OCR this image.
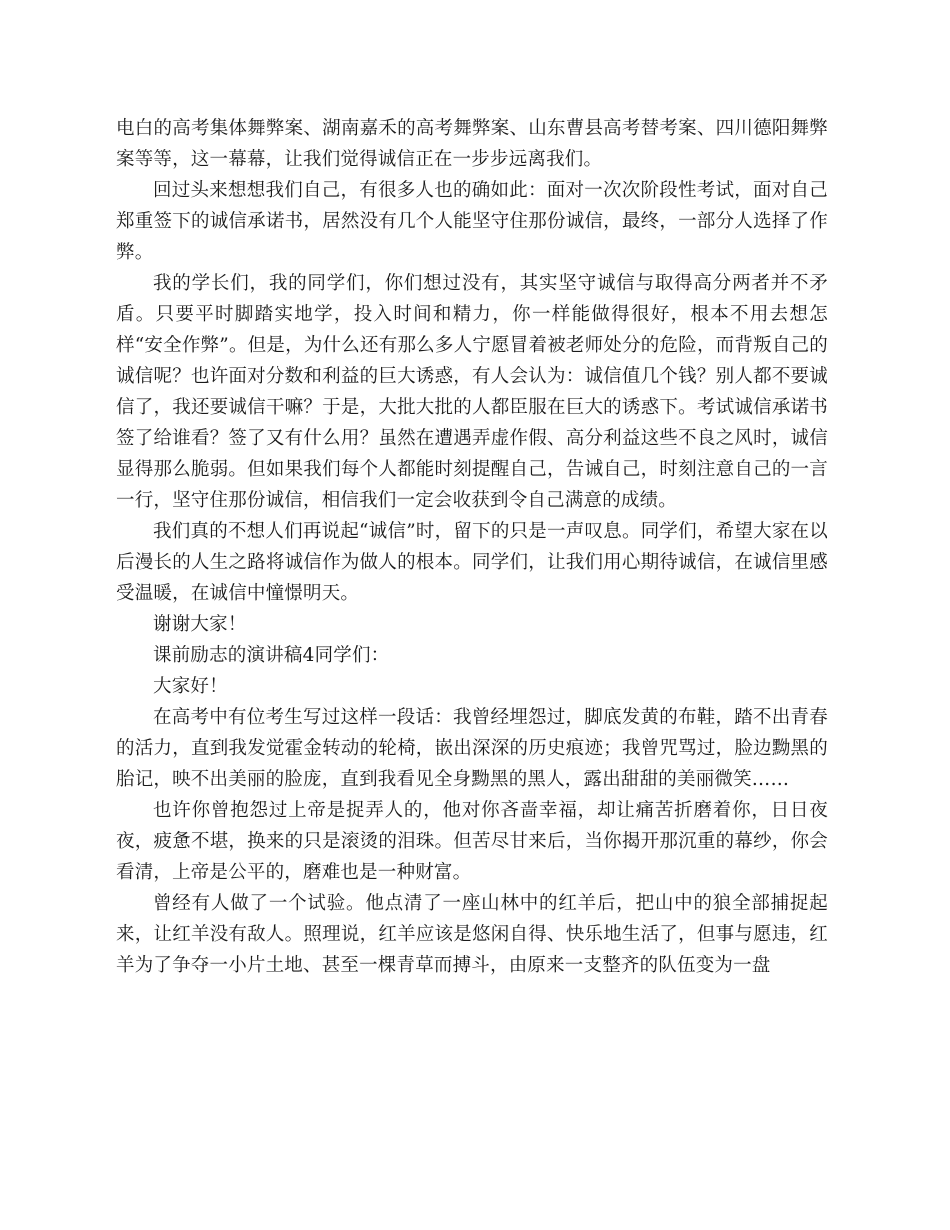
电白的高考集体舞弊案、湖南嘉禾的高考舞弊案、山东曹县高考替考案、四川德阳舞弊案等等，这一幕幕，让我们觉得诚信正在一步步远离我们。

回过头来想想我们自己，有很多人也的确如此：面对一次次阶段性考试，面对自己郑重签下的诚信承诺书，居然没有几个人能坚守住那份诚信，最终，一部分人选择了作弊。

我的学长们，我的同学们，你们想过没有，其实坚守诚信与取得高分两者并不矛盾。只要平时脚踏实地学，投入时间和精力，你一样能做得很好，根本不用去想怎样“安全作弊”。但是，为什么还有那么多人宁愿冒着被老师处分的危险，而背叛自己的诚信呢？也许面对分数和利益的巨大诱惑，有人会认为：诚信值几个钱？别人都不要诚信了，我还要诚信干嘛？于是，大批大批的人都臣服在巨大的诱惑下。考试诚信承诺书签了给谁看？签了又有什么用？虽然在遭遇弄虚作假、高分利益这些不良之风时，诚信显得那么脆弱。但如果我们每个人都能时刻提醒自己，告诫自己，时刻注意自己的一言一行，坚守住那份诚信，相信我们一定会收获到令自己满意的成绩。

我们真的不想人们再说起“诚信”时，留下的只是一声叹息。同学们，希望大家在以后漫长的人生之路将诚信作为做人的根本。同学们，让我们用心期待诚信，在诚信里感受温暖，在诚信中憧憬明天。

谢谢大家！

课前励志的演讲稿4同学们：

大家好！

在高考中有位考生写过这样一段话：我曾经埋怨过，脚底发黄的布鞋，踏不出青春的活力，直到我发觉霍金转动的轮椅，嵌出深深的历史痕迹；我曾咒骂过，脸边黝黑的胎记，映不出美丽的脸庞，直到我看见全身黝黑的黑人，露出甜甜的美丽微笑……

也许你曾抱怨过上帝是捉弄人的，他对你吝啬幸福，却让痛苦折磨着你，日日夜夜，疲惫不堪，换来的只是滚烫的泪珠。但苦尽甘来后，当你揭开那沉重的幕纱，你会看清，上帝是公平的，磨难也是一种财富。

曾经有人做了一个试验。他点清了一座山林中的红羊后，把山中的狼全部捕捉起来，让红羊没有敌人。照理说，红羊应该是悠闲自得、快乐地生活了，但事与愿违，红羊为了争夺一小片土地、甚至一棵青草而搏斗，由原来一支整齐的队伍变为一盘
